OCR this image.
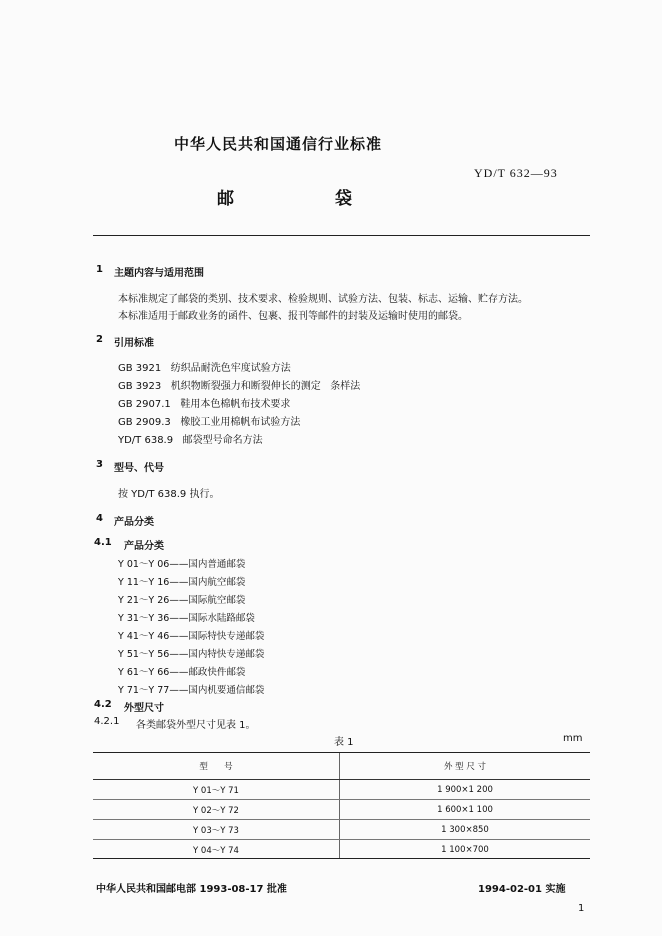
中华人民共和国通信行业标准
YD/T 632—93
邮	袋
1 主题内容与适用范围
本标准规定了邮袋的类别、技术要求、检验规则、试验方法、包装、标志、运输、贮存方法。
本标准适用于邮政业务的函件、包裹、报刊等邮件的封装及运输时使用的邮袋。
2 引用标准
GB 3921   纺织品耐洗色牢度试验方法
GB 3923   机织物断裂强力和断裂伸长的测定   条样法
GB 2907.1   鞋用本色棉帆布技术要求
GB 2909.3   橡胶工业用棉帆布试验方法
YD/T 638.9   邮袋型号命名方法
3 型号、代号
按 YD/T 638.9 执行。
4 产品分类
4.1 产品分类
Y 01～Y 06——国内普通邮袋
Y 11～Y 16——国内航空邮袋
Y 21～Y 26——国际航空邮袋
Y 31～Y 36——国际水陆路邮袋
Y 41～Y 46——国际特快专递邮袋
Y 51～Y 56——国内特快专递邮袋
Y 61～Y 66——邮政快件邮袋
Y 71～Y 77——国内机要通信邮袋
4.2 外型尺寸
4.2.1 各类邮袋外型尺寸见表 1。
表 1	mm
型      号	外 型 尺 寸
Y 01～Y 71	1 900×1 200
Y 02～Y 72	1 600×1 100
Y 03～Y 73	1 300×850
Y 04～Y 74	1 100×700
中华人民共和国邮电部 1993-08-17 批准	1994-02-01 实施
1
